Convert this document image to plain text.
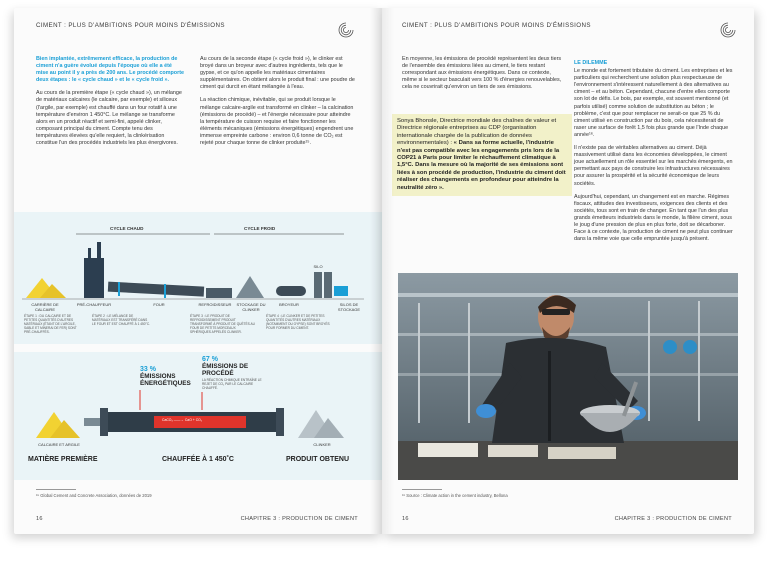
CIMENT : PLUS D'AMBITIONS POUR MOINS D'ÉMISSIONS

Bien implantée, extrêmement efficace, la production de ciment n'a guère évolué depuis l'époque où elle a été mise au point il y a près de 200 ans. Le procédé comporte deux étapes : le « cycle chaud » et le « cycle froid ».

Au cours de la première étape (« cycle chaud »), un mélange de matériaux calcaires (le calcaire, par exemple) et siliceux (l'argile, par exemple) est chauffé dans un four rotatif à une température d'environ 1 450°C. Le mélange se transforme alors en un produit réactif et semi-fini, appelé clinker, composant principal du ciment. Compte tenu des températures élevées qu'elle requiert, la clinkérisation constitue l'un des procédés industriels les plus énergivores.

Au cours de la seconde étape (« cycle froid »), le clinker est broyé dans un broyeur avec d'autres ingrédients, tels que le gypse, et ce qu'on appelle les matériaux cimentaires supplémentaires. On obtient alors le produit final : une poudre de ciment qui durcit en étant mélangée à l'eau.

La réaction chimique, inévitable, qui se produit lorsque le mélange calcaire-argile est transformé en clinker – la calcination (émissions de procédé) – et l'énergie nécessaire pour atteindre la température de cuisson requise et faire fonctionner les éléments mécaniques (émissions énergétiques) engendrent une immense empreinte carbone : environ 0,6 tonne de CO₂ est rejeté pour chaque tonne de clinker produite¹⁵.

CYCLE CHAUD	CYCLE FROID
CARRIÈRE DE CALCAIRE
PRÉ-CHAUFFEUR	FOUR	REFROIDISSEUR	STOCKAGE DU CLINKER
BROYEUR
SILO
SILOS DE STOCKAGE
ÉTAPE 1 : DU CALCAIRE ET DE PETITES QUANTITÉS D'AUTRES MATÉRIAUX (ÉTANT DE L'ARGILE, SABLE ET MINERAI DE FER) SONT PRÉ-CHAUFFÉS.
ÉTAPE 2 : LE MÉLANGE DE MATÉRIAUX EST TRANSFÉRÉ DANS LE FOUR ET EST CHAUFFÉ À 1 450°C.
ÉTAPE 3 : LE PRODUIT DE REFROIDISSEMENT PRODUIT TRANSFORMÉ À PRODUIT DE QUÉTÉS AU FOUR DE PETITS MORCEAUX SPHÉRIQUES APPELÉS CLINKER.
ÉTAPE 4 : LE CLINKER ET DE PETITES QUANTITÉS D'AUTRES MATÉRIAUX (NOTAMMENT DU GYPSE) SONT BROYÉS POUR FORMER DU CIMENT.
33 %
ÉMISSIONS ÉNERGÉTIQUES
67 %
ÉMISSIONS DE PROCÉDÉ
LA RÉACTION CHIMIQUE ENTRAÎNE LE REJET DE CO₂ PAR LE CALCAIRE CHAUFFÉ.
CaCO₃ ——→ CaO + CO₂
CALCAIRE ET ARGILE	CLINKER
MATIÈRE PREMIÈRE	CHAUFFÉE À 1 450˚C	PRODUIT OBTENU
¹⁵ Global Cement and Concrete Association, données de 2019
16	CHAPITRE 3 : PRODUCTION DE CIMENT
CIMENT : PLUS D'AMBITIONS POUR MOINS D'ÉMISSIONS

En moyenne, les émissions de procédé représentent les deux tiers de l'ensemble des émissions liées au ciment, le tiers restant correspondant aux émissions énergétiques. Dans ce contexte, même si le secteur basculait vers 100 % d'énergies renouvelables, cela ne couvrirait qu'environ un tiers de ses émissions.

Sonya Bhonsle, Directrice mondiale des chaînes de valeur et Directrice régionale entreprises au CDP (organisation internationale chargée de la publication de données environnementales) : « Dans sa forme actuelle, l'industrie n'est pas compatible avec les engagements pris lors de la COP21 à Paris pour limiter le réchauffement climatique à 1,5°C. Dans la mesure où la majorité de ses émissions sont liées à son procédé de production, l'industrie du ciment doit réaliser des changements en profondeur pour atteindre la neutralité zéro ».

LE DILEMME

Le monde est fortement tributaire du ciment. Les entreprises et les particuliers qui recherchent une solution plus respectueuse de l'environnement s'intéressent naturellement à des alternatives au ciment – et au béton. Cependant, chacune d'entre elles comporte son lot de défis. Le bois, par exemple, est souvent mentionné (et parfois utilisé) comme solution de substitution au béton ; le problème, c'est que pour remplacer ne serait-ce que 25 % du ciment utilisé en construction par du bois, cela nécessiterait de raser une surface de forêt 1,5 fois plus grande que l'Inde chaque année¹⁶.

Il n'existe pas de véritables alternatives au ciment. Déjà massivement utilisé dans les économies développées, le ciment joue actuellement un rôle essentiel sur les marchés émergents, en permettant aux pays de construire les infrastructures nécessaires pour assurer la prospérité et la sécurité économique de leurs sociétés.

Aujourd'hui, cependant, un changement est en marche. Régimes fiscaux, attitudes des investisseurs, exigences des clients et des sociétés, tous sont en train de changer. En tant que l'un des plus grands émetteurs industriels dans le monde, la filière ciment, sous le joug d'une pression de plus en plus forte, doit se décarboner. Face à ce contexte, la production de ciment ne peut plus continuer dans la même voie que celle empruntée jusqu'à présent.

¹⁶ Source : Climate action in the cement industry, Bellona
16	CHAPITRE 3 : PRODUCTION DE CIMENT
